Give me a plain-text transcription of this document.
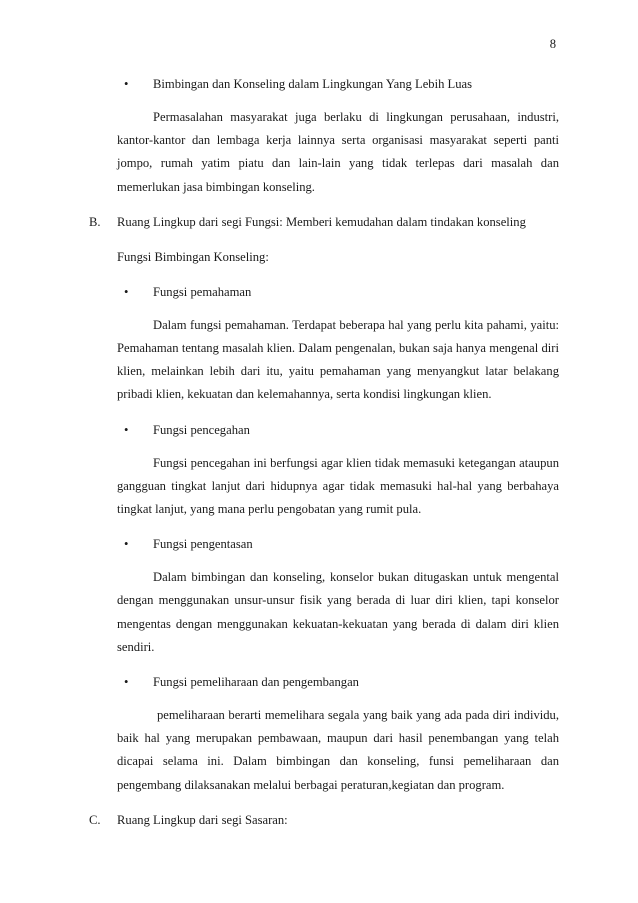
8

• Bimbingan dan Konseling dalam Lingkungan Yang Lebih Luas

Permasalahan masyarakat juga berlaku di lingkungan perusahaan, industri, kantor-kantor dan lembaga kerja lainnya serta organisasi masyarakat seperti panti jompo, rumah yatim piatu dan lain-lain yang tidak terlepas dari masalah dan memerlukan jasa bimbingan konseling.

B. Ruang Lingkup dari segi Fungsi: Memberi kemudahan dalam tindakan konseling

Fungsi Bimbingan Konseling:

• Fungsi pemahaman

Dalam fungsi pemahaman. Terdapat beberapa hal yang perlu kita pahami, yaitu: Pemahaman tentang masalah klien. Dalam pengenalan, bukan saja hanya mengenal diri klien, melainkan lebih dari itu, yaitu pemahaman yang menyangkut latar belakang pribadi klien, kekuatan dan kelemahannya, serta kondisi lingkungan klien.

• Fungsi pencegahan

Fungsi pencegahan ini berfungsi agar klien tidak memasuki ketegangan ataupun gangguan tingkat lanjut dari hidupnya agar tidak memasuki hal-hal yang berbahaya tingkat lanjut, yang mana perlu pengobatan yang rumit pula.

• Fungsi pengentasan

Dalam bimbingan dan konseling, konselor bukan ditugaskan untuk mengental dengan menggunakan unsur-unsur fisik yang berada di luar diri klien, tapi konselor mengentas dengan menggunakan kekuatan-kekuatan yang berada di dalam diri klien sendiri.

• Fungsi pemeliharaan dan pengembangan

pemeliharaan berarti memelihara segala yang baik yang ada pada diri individu, baik hal yang merupakan pembawaan, maupun dari hasil penembangan yang telah dicapai selama ini. Dalam bimbingan dan konseling, funsi pemeliharaan dan pengembang dilaksanakan melalui berbagai peraturan,kegiatan dan program.

C. Ruang Lingkup dari segi Sasaran:
